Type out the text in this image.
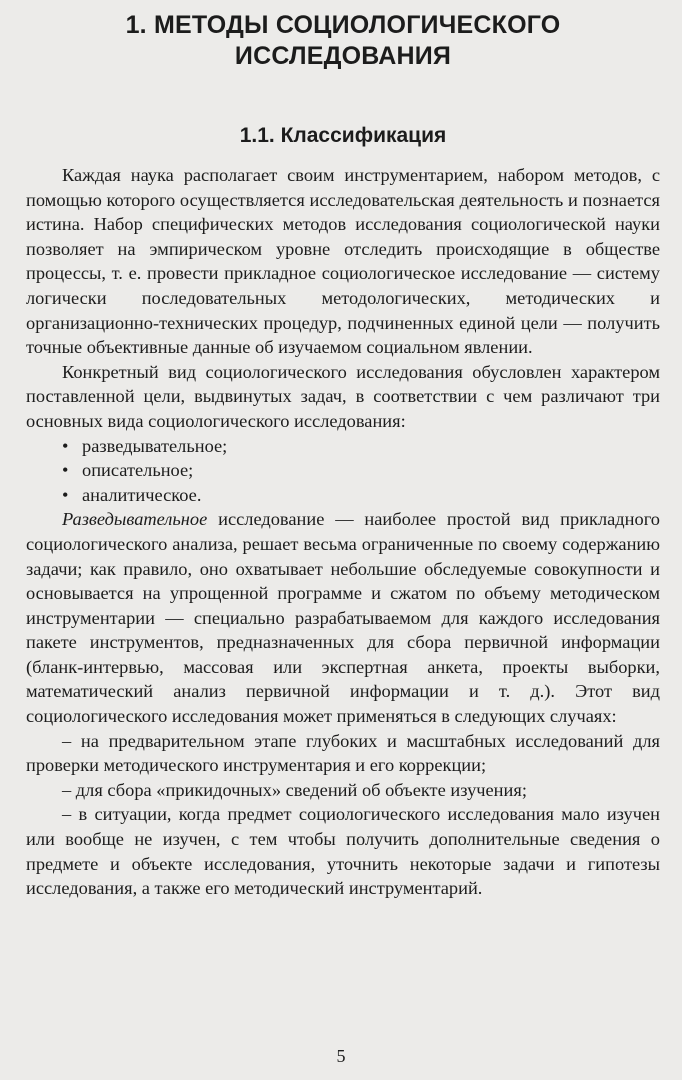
1. МЕТОДЫ СОЦИОЛОГИЧЕСКОГО
ИССЛЕДОВАНИЯ
1.1. Классификация

Каждая наука располагает своим инструментарием, набором методов, с помощью которого осуществляется исследовательская деятельность и познается истина. Набор специфических методов исследования социологической науки позволяет на эмпирическом уровне отследить происходящие в обществе процессы, т. е. провести прикладное социологическое исследование — систему логически последовательных методологических, методических и организационно-технических процедур, подчиненных единой цели — получить точные объективные данные об изучаемом социальном явлении.

Конкретный вид социологического исследования обусловлен характером поставленной цели, выдвинутых задач, в соответствии с чем различают три основных вида социологического исследования:

• разведывательное;
• описательное;
• аналитическое.

Разведывательное исследование — наиболее простой вид прикладного социологического анализа, решает весьма ограниченные по своему содержанию задачи; как правило, оно охватывает небольшие обследуемые совокупности и основывается на упрощенной программе и сжатом по объему методическом инструментарии — специально разрабатываемом для каждого исследования пакете инструментов, предназначенных для сбора первичной информации (бланк-интервью, массовая или экспертная анкета, проекты выборки, математический анализ первичной информации и т. д.). Этот вид социологического исследования может применяться в следующих случаях:

– на предварительном этапе глубоких и масштабных исследований для проверки методического инструментария и его коррекции;

– для сбора «прикидочных» сведений об объекте изучения;

– в ситуации, когда предмет социологического исследования мало изучен или вообще не изучен, с тем чтобы получить дополнительные сведения о предмете и объекте исследования, уточнить некоторые задачи и гипотезы исследования, а также его методический инструментарий.

5
